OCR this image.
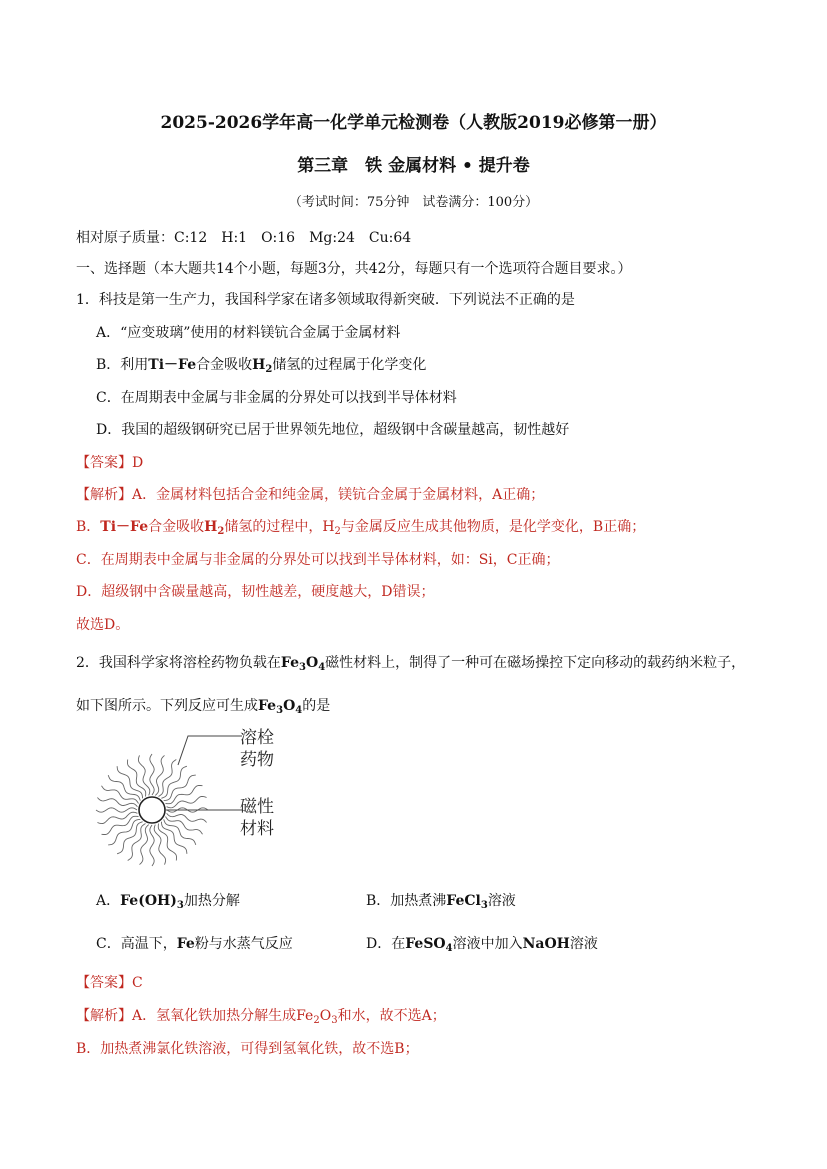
2025-2026学年高一化学单元检测卷（人教版2019必修第一册）
第三章　铁 金属材料 • 提升卷
（考试时间：75分钟　试卷满分：100分）
相对原子质量：C:12　H:1　O:16　Mg:24　Cu:64
一、选择题（本大题共14个小题，每题3分，共42分，每题只有一个选项符合题目要求。）
1．科技是第一生产力，我国科学家在诸多领域取得新突破．下列说法不正确的是
A．“应变玻璃”使用的材料镁钪合金属于金属材料
B．利用Ti－Fe合金吸收$H_2$储氢的过程属于化学变化
C．在周期表中金属与非金属的分界处可以找到半导体材料
D．我国的超级钢研究已居于世界领先地位，超级钢中含碳量越高，韧性越好
【答案】D
【解析】A．金属材料包括合金和纯金属，镁钪合金属于金属材料，A正确；
B．Ti－Fe合金吸收$H_2$储氢的过程中，$H_2$与金属反应生成其他物质，是化学变化，B正确；
C．在周期表中金属与非金属的分界处可以找到半导体材料，如：Si，C正确；
D．超级钢中含碳量越高，韧性越差，硬度越大，D错误；
故选D。
2．我国科学家将溶栓药物负载在$Fe_3O_4$磁性材料上，制得了一种可在磁场操控下定向移动的载药纳米粒子，
如下图所示。下列反应可生成$Fe_3O_4$的是
溶栓
药物
磁性
材料
A．$Fe(OH)_3$加热分解	B．加热煮沸FeCl$_3$溶液
C．高温下，Fe粉与水蒸气反应	D．在FeSO$_4$溶液中加入NaOH溶液
【答案】C
【解析】A．氢氧化铁加热分解生成$Fe_2O_3$和水，故不选A；
B．加热煮沸氯化铁溶液，可得到氢氧化铁，故不选B；
